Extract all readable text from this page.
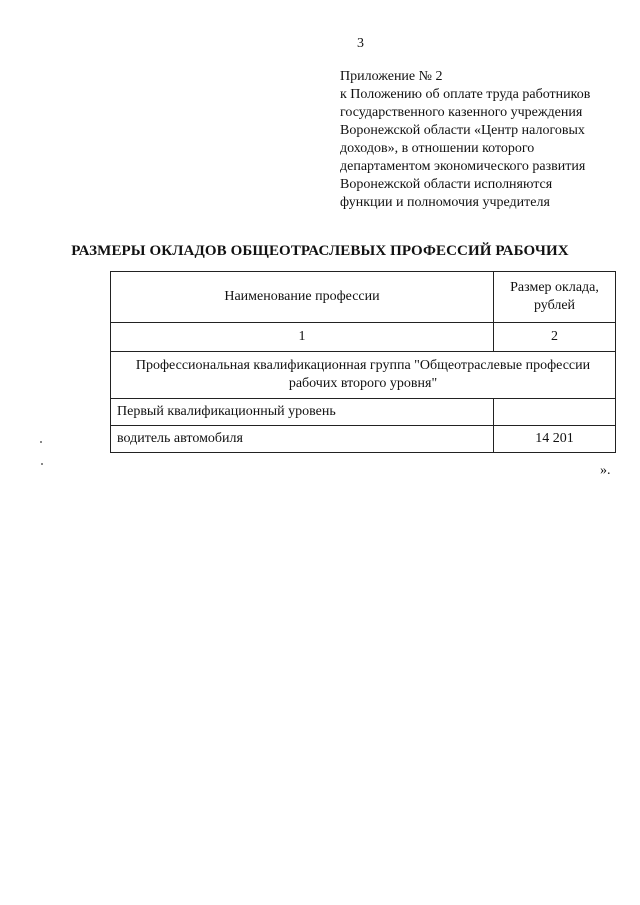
3
Приложение № 2
к Положению об оплате труда работников
государственного казенного учреждения
Воронежской области «Центр налоговых
доходов», в отношении которого
департаментом экономического развития
Воронежской области исполняются
функции и полномочия учредителя
РАЗМЕРЫ ОКЛАДОВ ОБЩЕОТРАСЛЕВЫХ ПРОФЕССИЙ РАБОЧИХ
Наименование профессии	Размер оклада,
рублей
1	2
Профессиональная квалификационная группа "Общеотраслевые профессии
рабочих второго уровня"	
Первый квалификационный уровень	
водитель автомобиля	14 201
».
